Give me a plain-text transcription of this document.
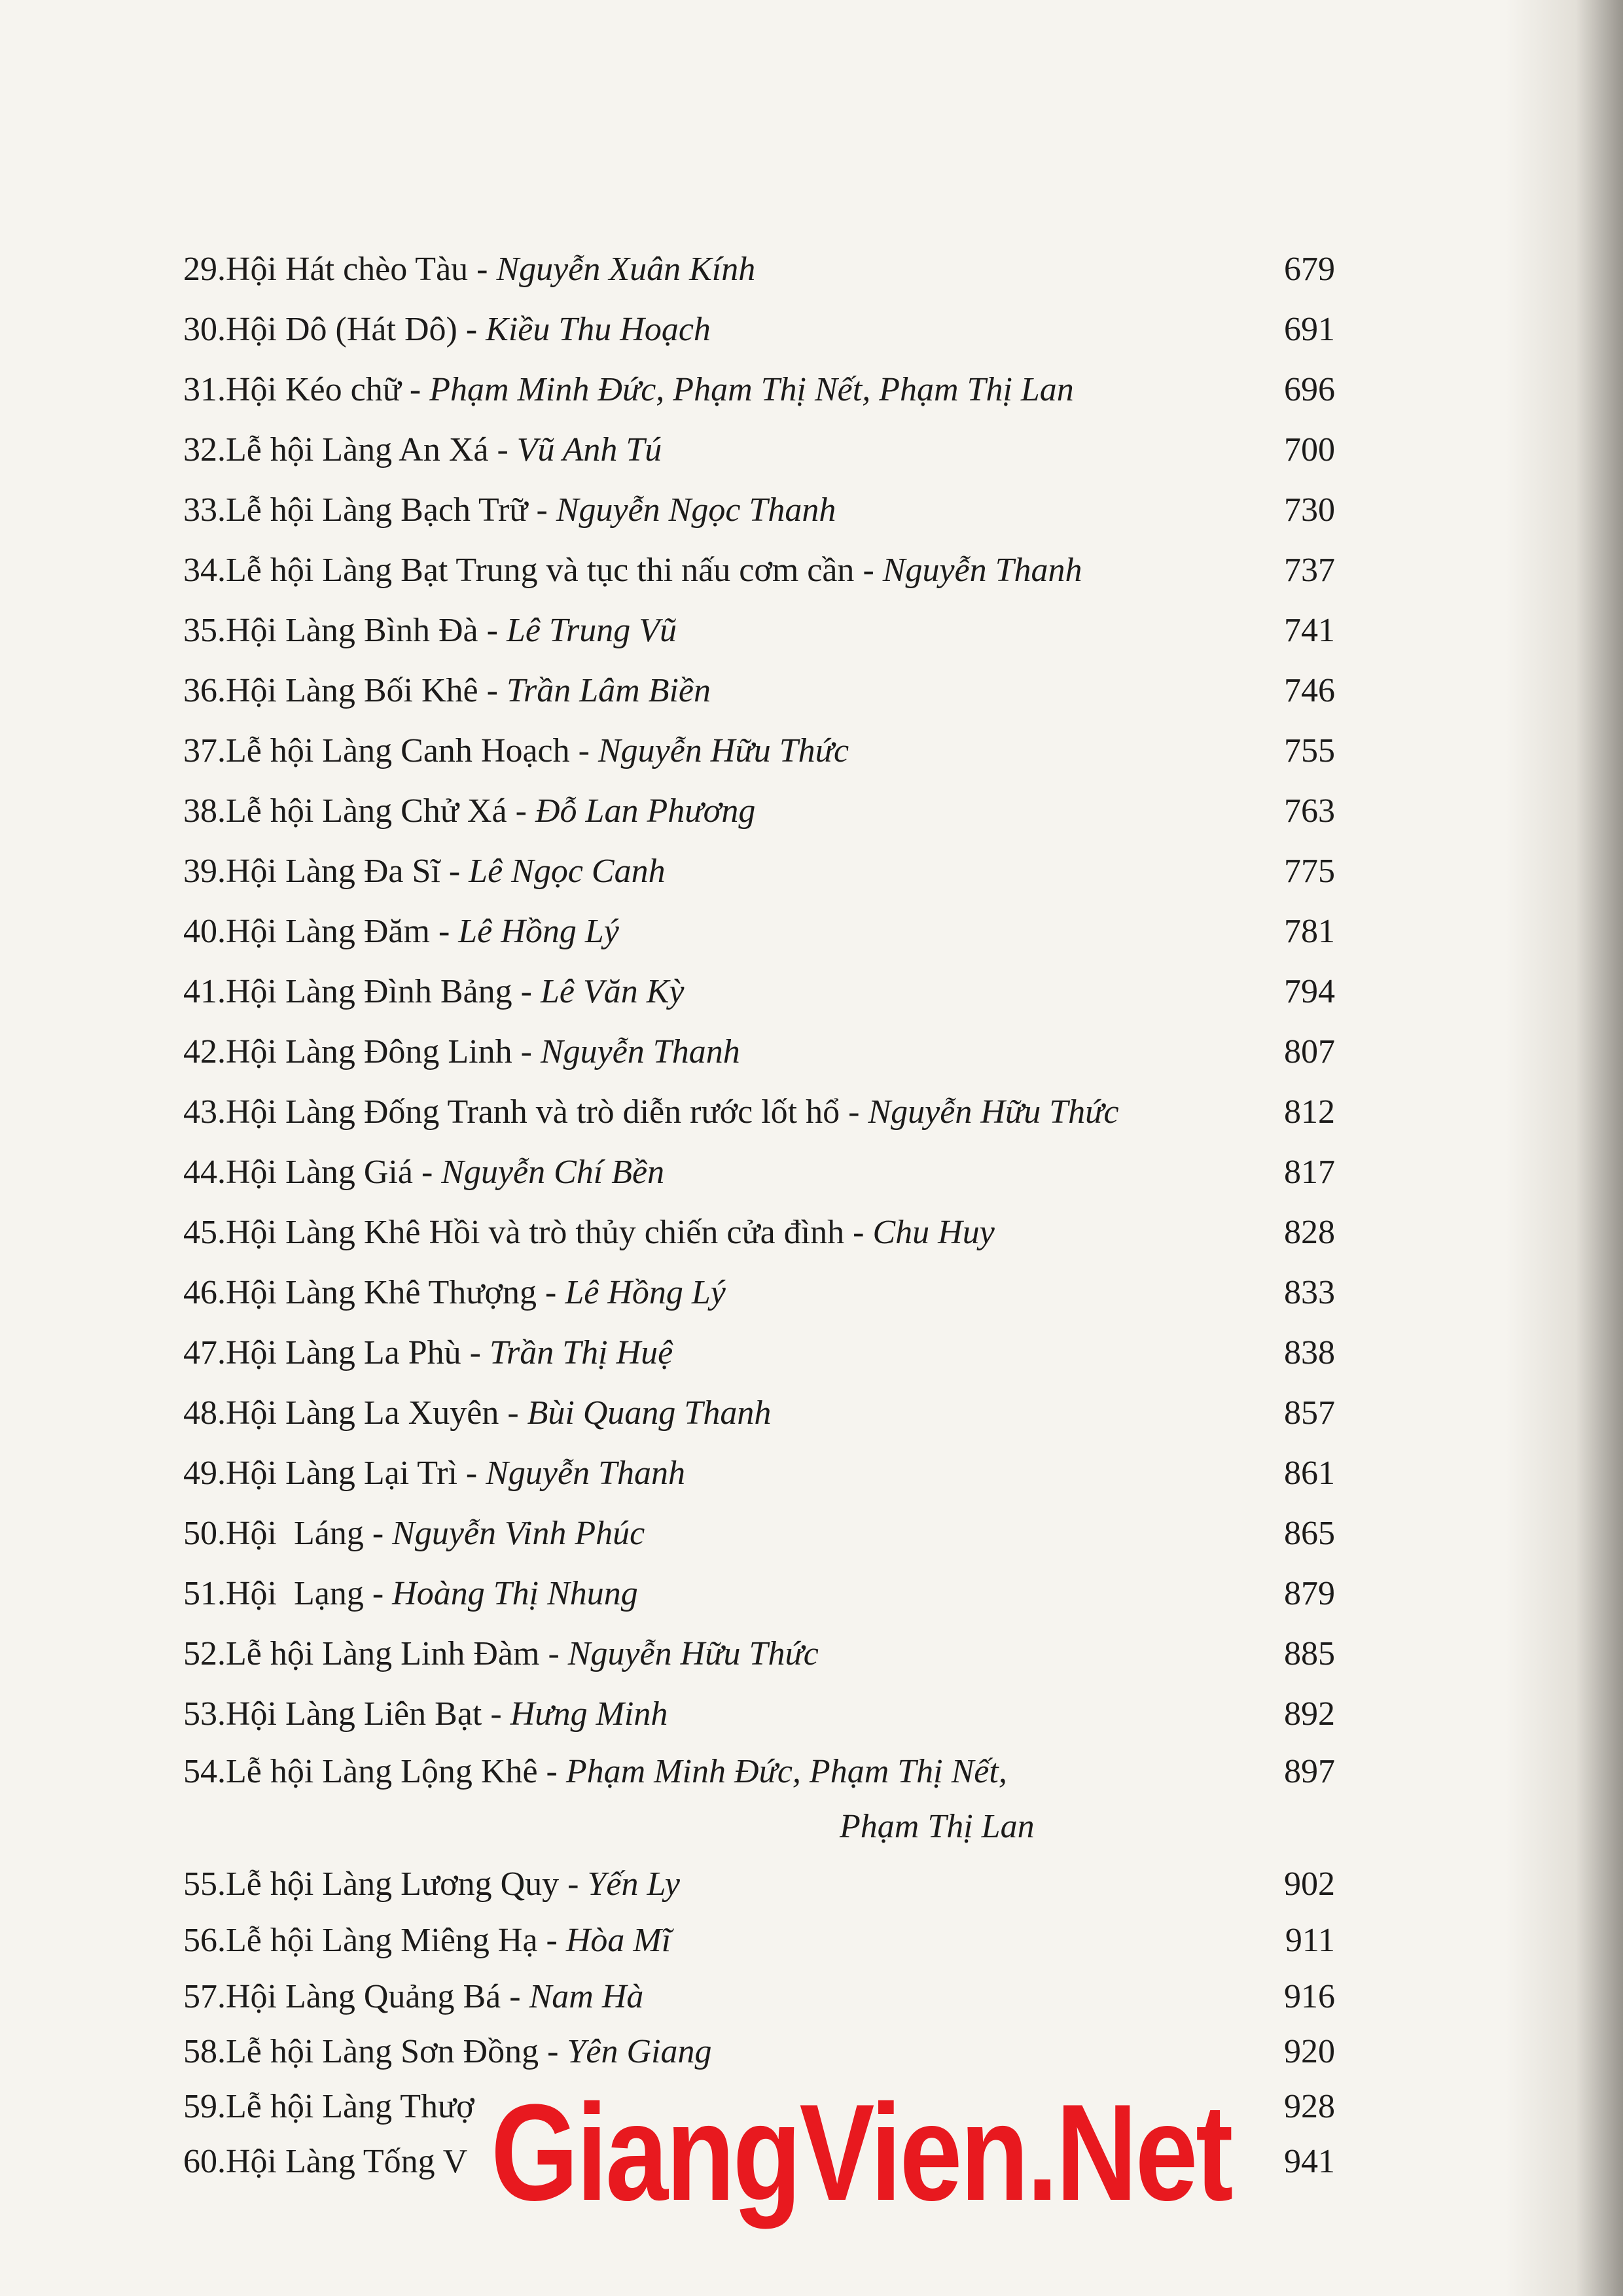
29. Hội Hát chèo Tàu - Nguyễn Xuân Kính	679
30. Hội Dô (Hát Dô) - Kiều Thu Hoạch	691
31. Hội Kéo chữ - Phạm Minh Đức, Phạm Thị Nết, Phạm Thị Lan	696
32. Lễ hội Làng An Xá - Vũ Anh Tú	700
33. Lễ hội Làng Bạch Trữ - Nguyễn Ngọc Thanh	730
34. Lễ hội Làng Bạt Trung và tục thi nấu cơm cần - Nguyễn Thanh	737
35. Hội Làng Bình Đà - Lê Trung Vũ	741
36. Hội Làng Bối Khê - Trần Lâm Biền	746
37. Lễ hội Làng Canh Hoạch - Nguyễn Hữu Thức	755
38. Lễ hội Làng Chử Xá - Đỗ Lan Phương	763
39. Hội Làng Đa Sĩ - Lê Ngọc Canh	775
40. Hội Làng Đăm - Lê Hồng Lý	781
41. Hội Làng Đình Bảng - Lê Văn Kỳ	794
42. Hội Làng Đông Linh - Nguyễn Thanh	807
43. Hội Làng Đống Tranh và trò diễn rước lốt hổ - Nguyễn Hữu Thức	812
44. Hội Làng Giá - Nguyễn Chí Bền	817
45. Hội Làng Khê Hồi và trò thủy chiến cửa đình - Chu Huy	828
46. Hội Làng Khê Thượng - Lê Hồng Lý	833
47. Hội Làng La Phù - Trần Thị Huệ	838
48. Hội Làng La Xuyên - Bùi Quang Thanh	857
49. Hội Làng Lại Trì - Nguyễn Thanh	861
50. Hội  Láng - Nguyễn Vinh Phúc	865
51. Hội  Lạng - Hoàng Thị Nhung	879
52. Lễ hội Làng Linh Đàm - Nguyễn Hữu Thức	885
53. Hội Làng Liên Bạt - Hưng Minh	892
54. Lễ hội Làng Lộng Khê - Phạm Minh Đức, Phạm Thị Nết,	897
Phạm Thị Lan
55. Lễ hội Làng Lương Quy - Yến Ly	902
56. Lễ hội Làng Miêng Hạ - Hòa Mĩ	911
57. Hội Làng Quảng Bá - Nam Hà	916
58. Lễ hội Làng Sơn Đồng - Yên Giang	920
59. Lễ hội Làng Thượ	928
60. Hội Làng Tống V	941
GiangVien.Net
